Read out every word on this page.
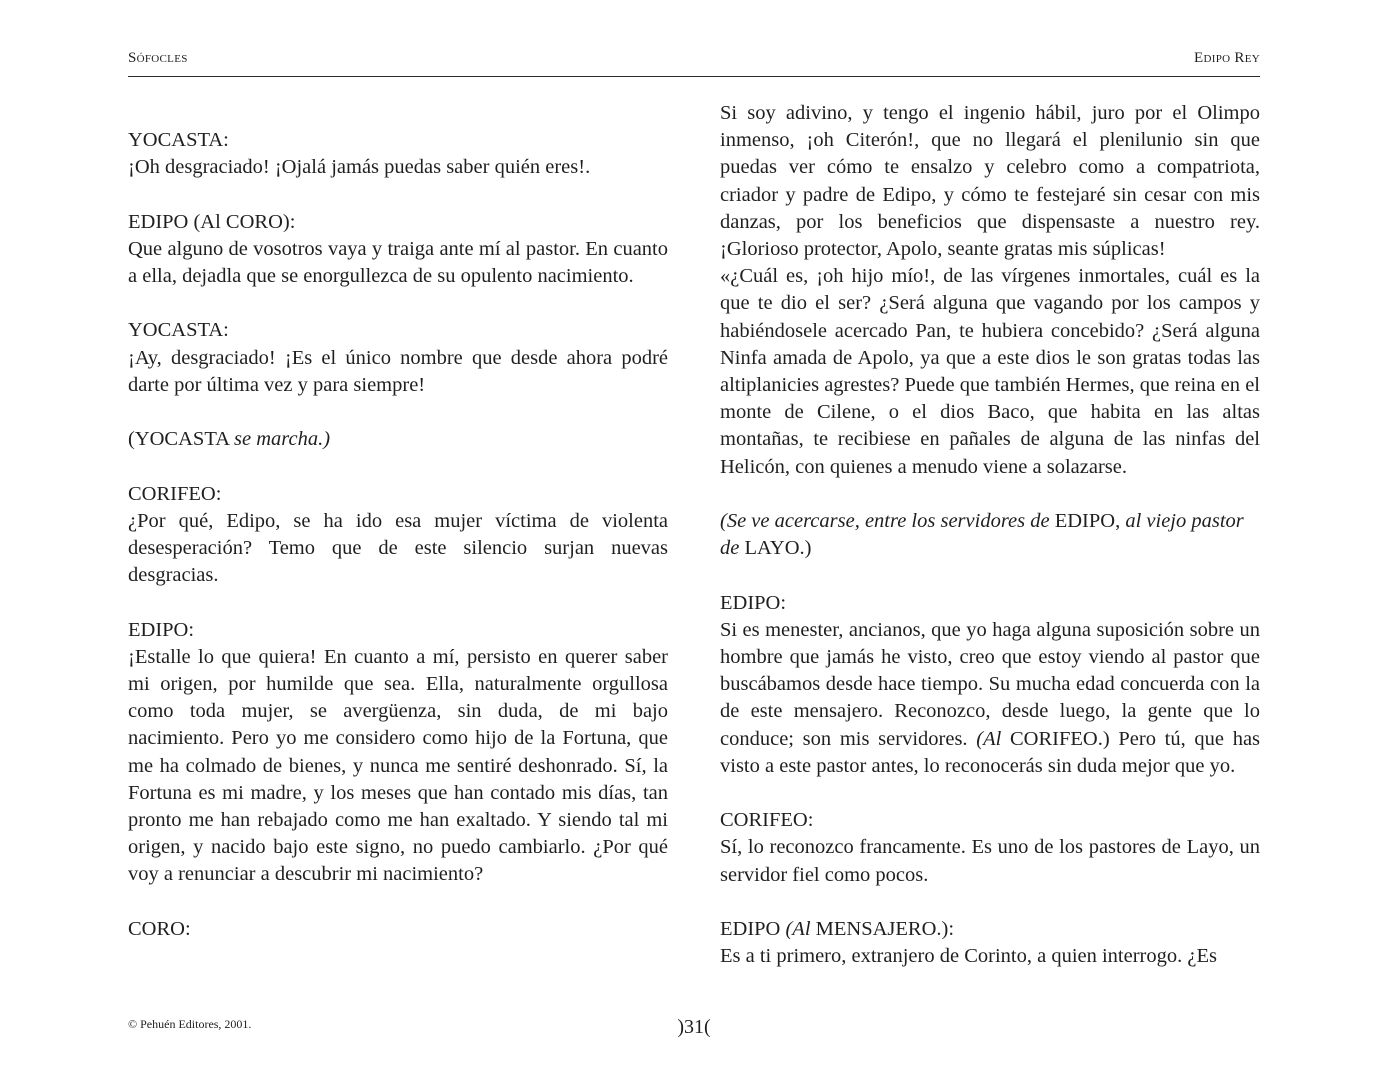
Sófocles	Edipo Rey
YOCASTA:
¡Oh desgraciado! ¡Ojalá jamás puedas saber quién eres!.
EDIPO (Al CORO):
Que alguno de vosotros vaya y traiga ante mí al pastor. En cuanto a ella, dejadla que se enorgullezca de su opulento nacimiento.
YOCASTA:
¡Ay, desgraciado! ¡Es el único nombre que desde ahora podré darte por última vez y para siempre!
(YOCASTA se marcha.)
CORIFEO:
¿Por qué, Edipo, se ha ido esa mujer víctima de violenta desesperación? Temo que de este silencio surjan nuevas desgracias.
EDIPO:
¡Estalle lo que quiera! En cuanto a mí, persisto en querer saber mi origen, por humilde que sea. Ella, naturalmente orgullosa como toda mujer, se avergüenza, sin duda, de mi bajo nacimiento. Pero yo me considero como hijo de la Fortuna, que me ha colmado de bienes, y nunca me sentiré deshonrado. Sí, la Fortuna es mi madre, y los meses que han contado mis días, tan pronto me han rebajado como me han exaltado. Y siendo tal mi origen, y nacido bajo este signo, no puedo cambiarlo. ¿Por qué voy a renunciar a descubrir mi nacimiento?
CORO:
Si soy adivino, y tengo el ingenio hábil, juro por el Olimpo inmenso, ¡oh Citerón!, que no llegará el plenilunio sin que puedas ver cómo te ensalzo y celebro como a compatriota, criador y padre de Edipo, y cómo te festejaré sin cesar con mis danzas, por los beneficios que dispensaste a nuestro rey. ¡Glorioso protector, Apolo, seante gratas mis súplicas!
«¿Cuál es, ¡oh hijo mío!, de las vírgenes inmortales, cuál es la que te dio el ser? ¿Será alguna que vagando por los campos y habiéndosele acercado Pan, te hubiera concebido? ¿Será alguna Ninfa amada de Apolo, ya que a este dios le son gratas todas las altiplanicies agrestes? Puede que también Hermes, que reina en el monte de Cilene, o el dios Baco, que habita en las altas montañas, te recibiese en pañales de alguna de las ninfas del Helicón, con quienes a menudo viene a solazarse.
(Se ve acercarse, entre los servidores de EDIPO, al viejo pastor de LAYO.)
EDIPO:
Si es menester, ancianos, que yo haga alguna suposición sobre un hombre que jamás he visto, creo que estoy viendo al pastor que buscábamos desde hace tiempo. Su mucha edad concuerda con la de este mensajero. Reconozco, desde luego, la gente que lo conduce; son mis servidores. (Al CORIFEO.) Pero tú, que has visto a este pastor antes, lo reconocerás sin duda mejor que yo.
CORIFEO:
Sí, lo reconozco francamente. Es uno de los pastores de Layo, un servidor fiel como pocos.
EDIPO (Al MENSAJERO.):
Es a ti primero, extranjero de Corinto, a quien interrogo. ¿Es
© Pehuén Editores, 2001.	)31(
